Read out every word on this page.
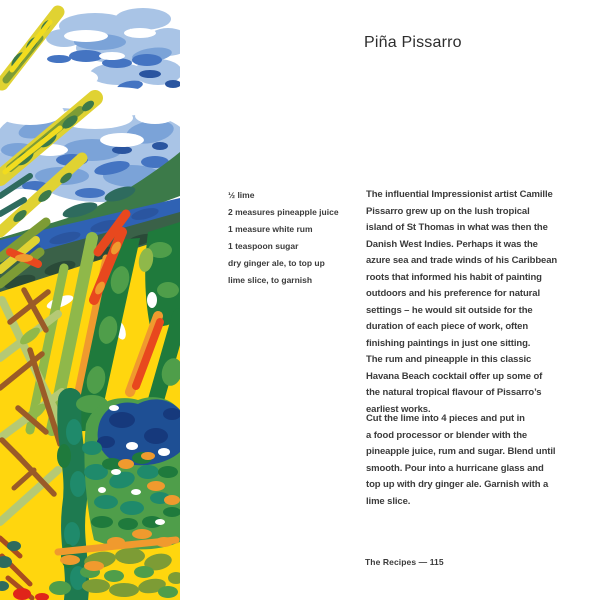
Piña Pissarro
½ lime
2 measures pineapple juice
1 measure white rum
1 teaspoon sugar
dry ginger ale, to top up
lime slice, to garnish
The influential Impressionist artist Camille
Pissarro grew up on the lush tropical
island of St Thomas in what was then the
Danish West Indies. Perhaps it was the
azure sea and trade winds of his Caribbean
roots that informed his habit of painting
outdoors and his preference for natural
settings – he would sit outside for the
duration of each piece of work, often
finishing paintings in just one sitting.
The rum and pineapple in this classic
Havana Beach cocktail offer up some of
the natural tropical flavour of Pissarro’s
earliest works.
Cut the lime into 4 pieces and put in
a food processor or blender with the
pineapple juice, rum and sugar. Blend until
smooth. Pour into a hurricane glass and
top up with dry ginger ale. Garnish with a
lime slice.
The Recipes — 115
